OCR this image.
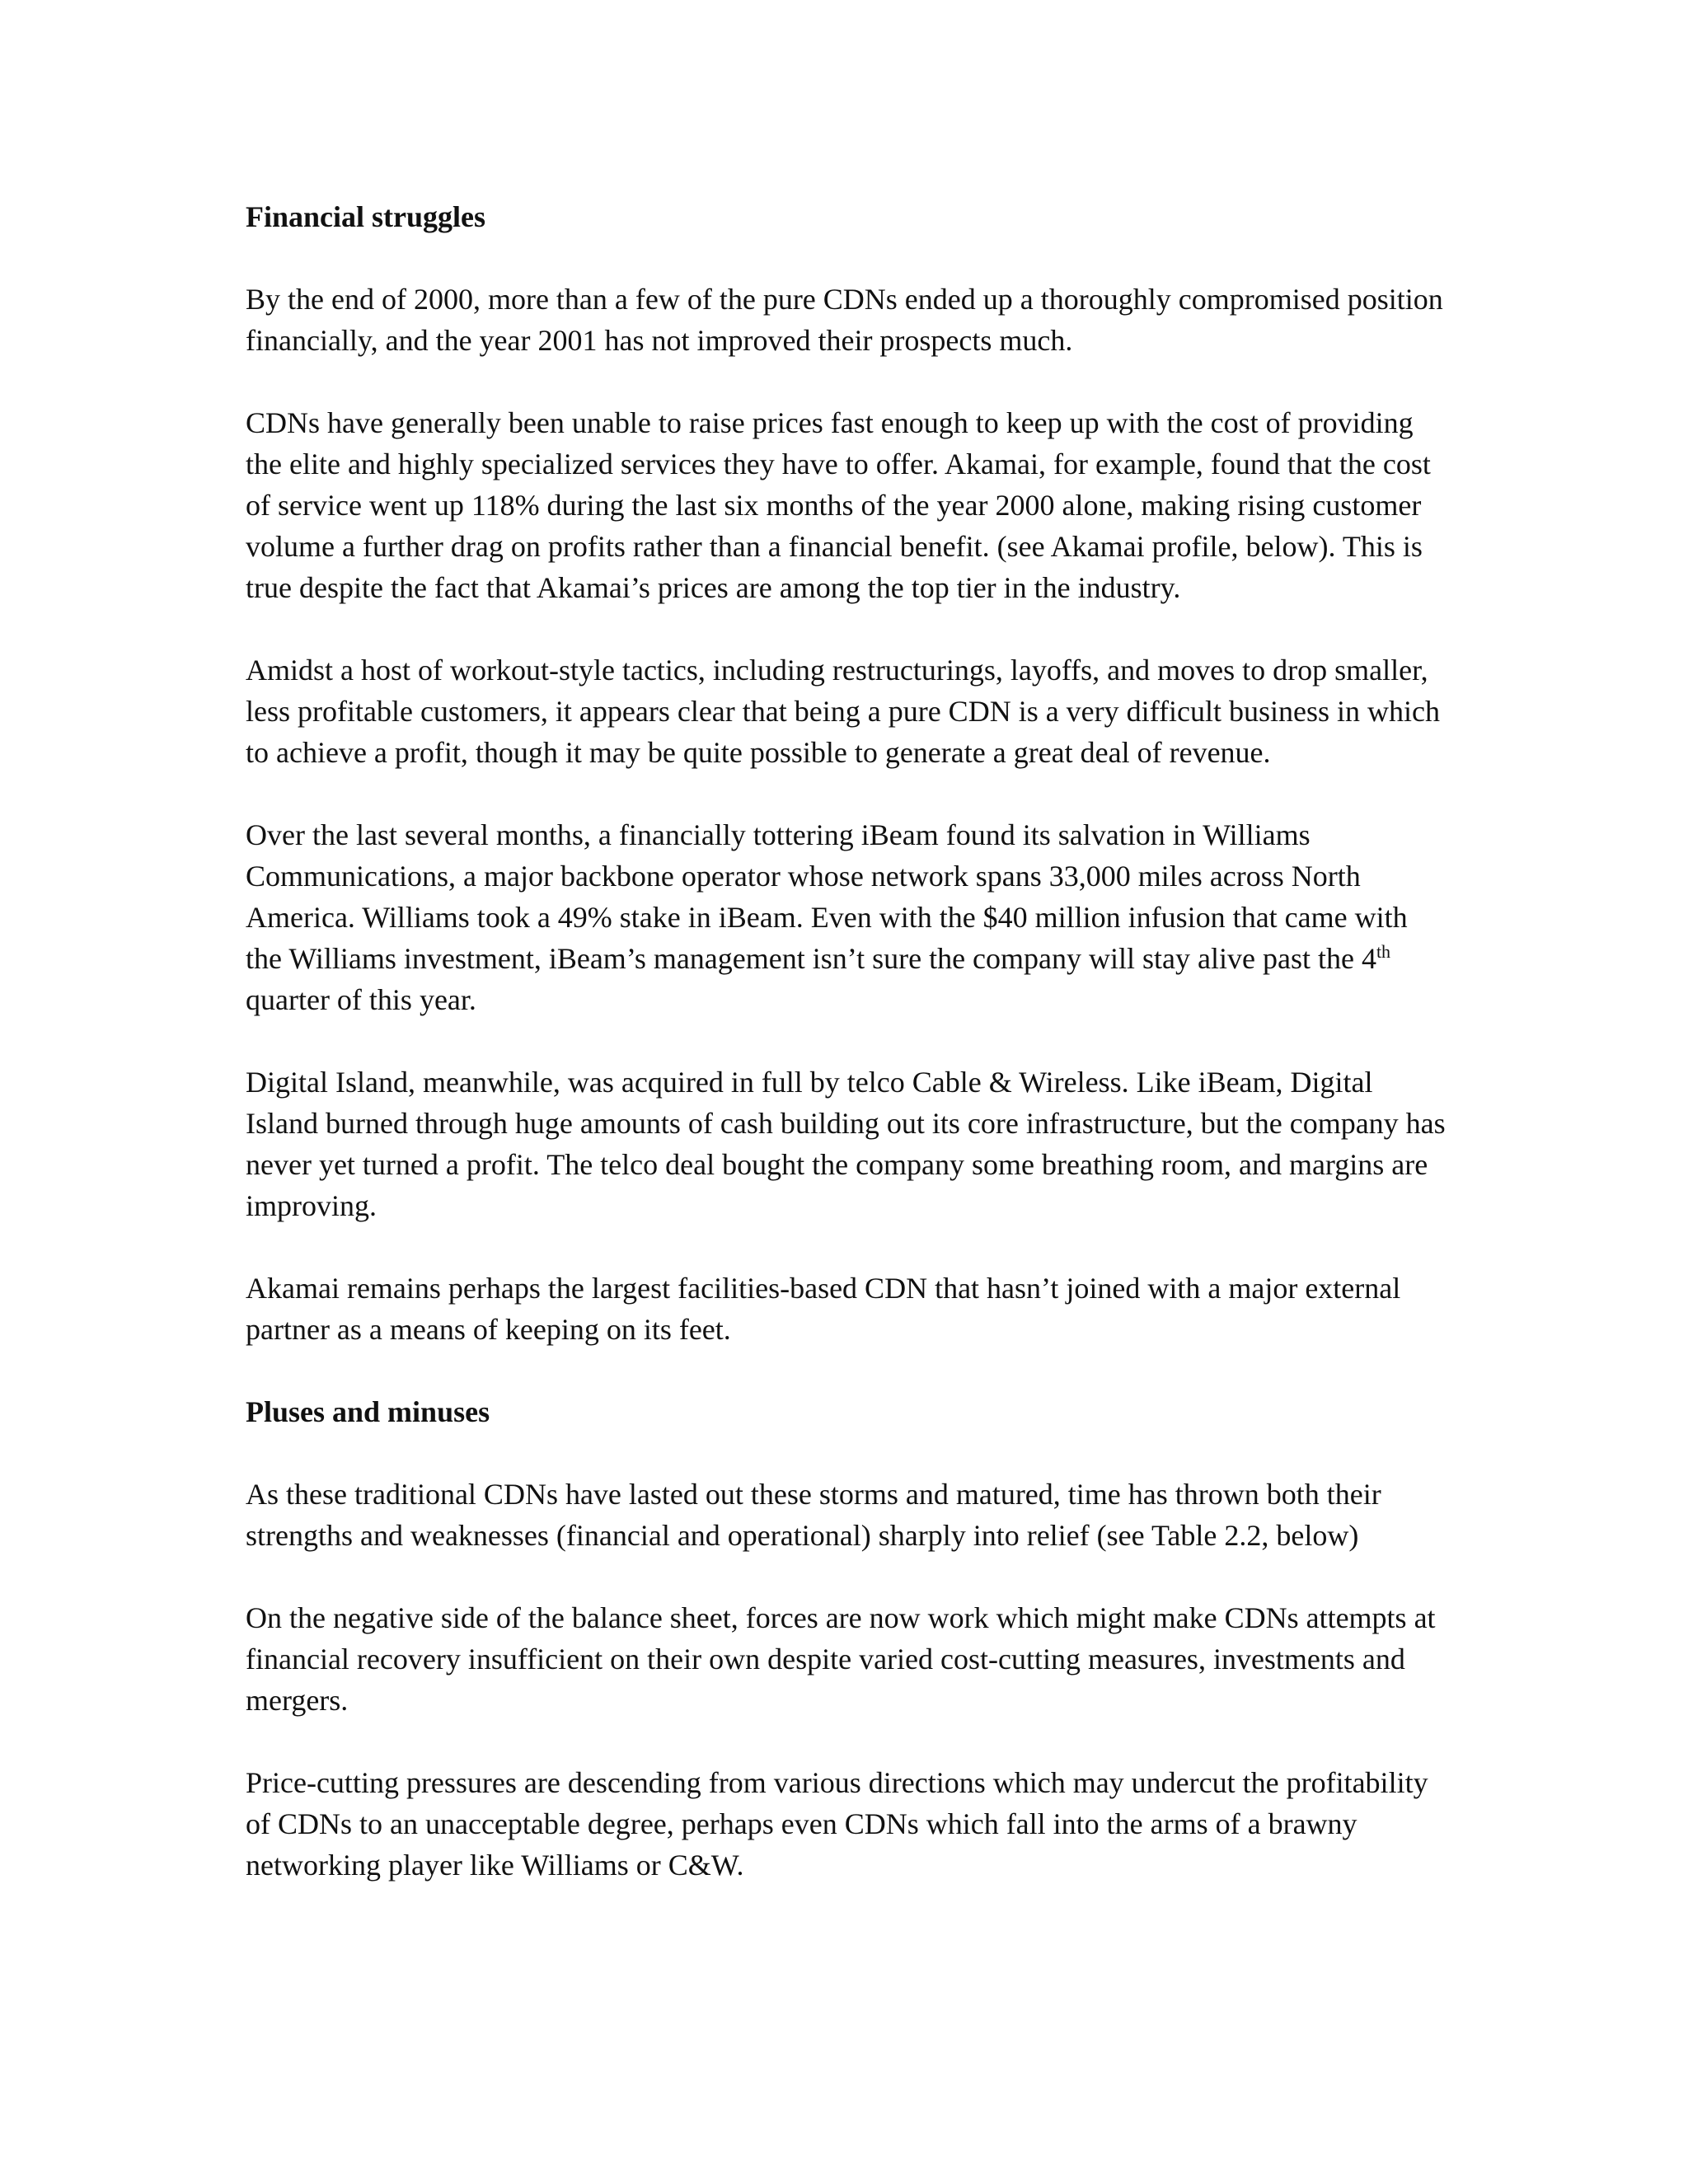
Financial struggles

By the end of 2000, more than a few of the pure CDNs ended up a thoroughly compromised position financially, and the year 2001 has not improved their prospects much.

CDNs have generally been unable to raise prices fast enough to keep up with the cost of providing the elite and highly specialized services they have to offer. Akamai, for example, found that the cost of service went up 118% during the last six months of the year 2000 alone, making rising customer volume a further drag on profits rather than a financial benefit. (see Akamai profile, below). This is true despite the fact that Akamai’s prices are among the top tier in the industry.

Amidst a host of workout-style tactics, including restructurings, layoffs, and moves to drop smaller, less profitable customers, it appears clear that being a pure CDN is a very difficult business in which to achieve a profit, though it may be quite possible to generate a great deal of revenue.

Over the last several months, a financially tottering iBeam found its salvation in Williams Communications, a major backbone operator whose network spans 33,000 miles across North America. Williams took a 49% stake in iBeam. Even with the $40 million infusion that came with the Williams investment, iBeam’s management isn’t sure the company will stay alive past the 4th quarter of this year.

Digital Island, meanwhile, was acquired in full by telco Cable & Wireless. Like iBeam, Digital Island burned through huge amounts of cash building out its core infrastructure, but the company has never yet turned a profit. The telco deal bought the company some breathing room, and margins are improving.

Akamai remains perhaps the largest facilities-based CDN that hasn’t joined with a major external partner as a means of keeping on its feet.

Pluses and minuses

As these traditional CDNs have lasted out these storms and matured, time has thrown both their strengths and weaknesses (financial and operational) sharply into relief (see Table 2.2, below)

On the negative side of the balance sheet, forces are now work which might make CDNs attempts at financial recovery insufficient on their own despite varied cost-cutting measures, investments and mergers.

Price-cutting pressures are descending from various directions which may undercut the profitability of CDNs to an unacceptable degree, perhaps even CDNs which fall into the arms of a brawny networking player like Williams or C&W.
